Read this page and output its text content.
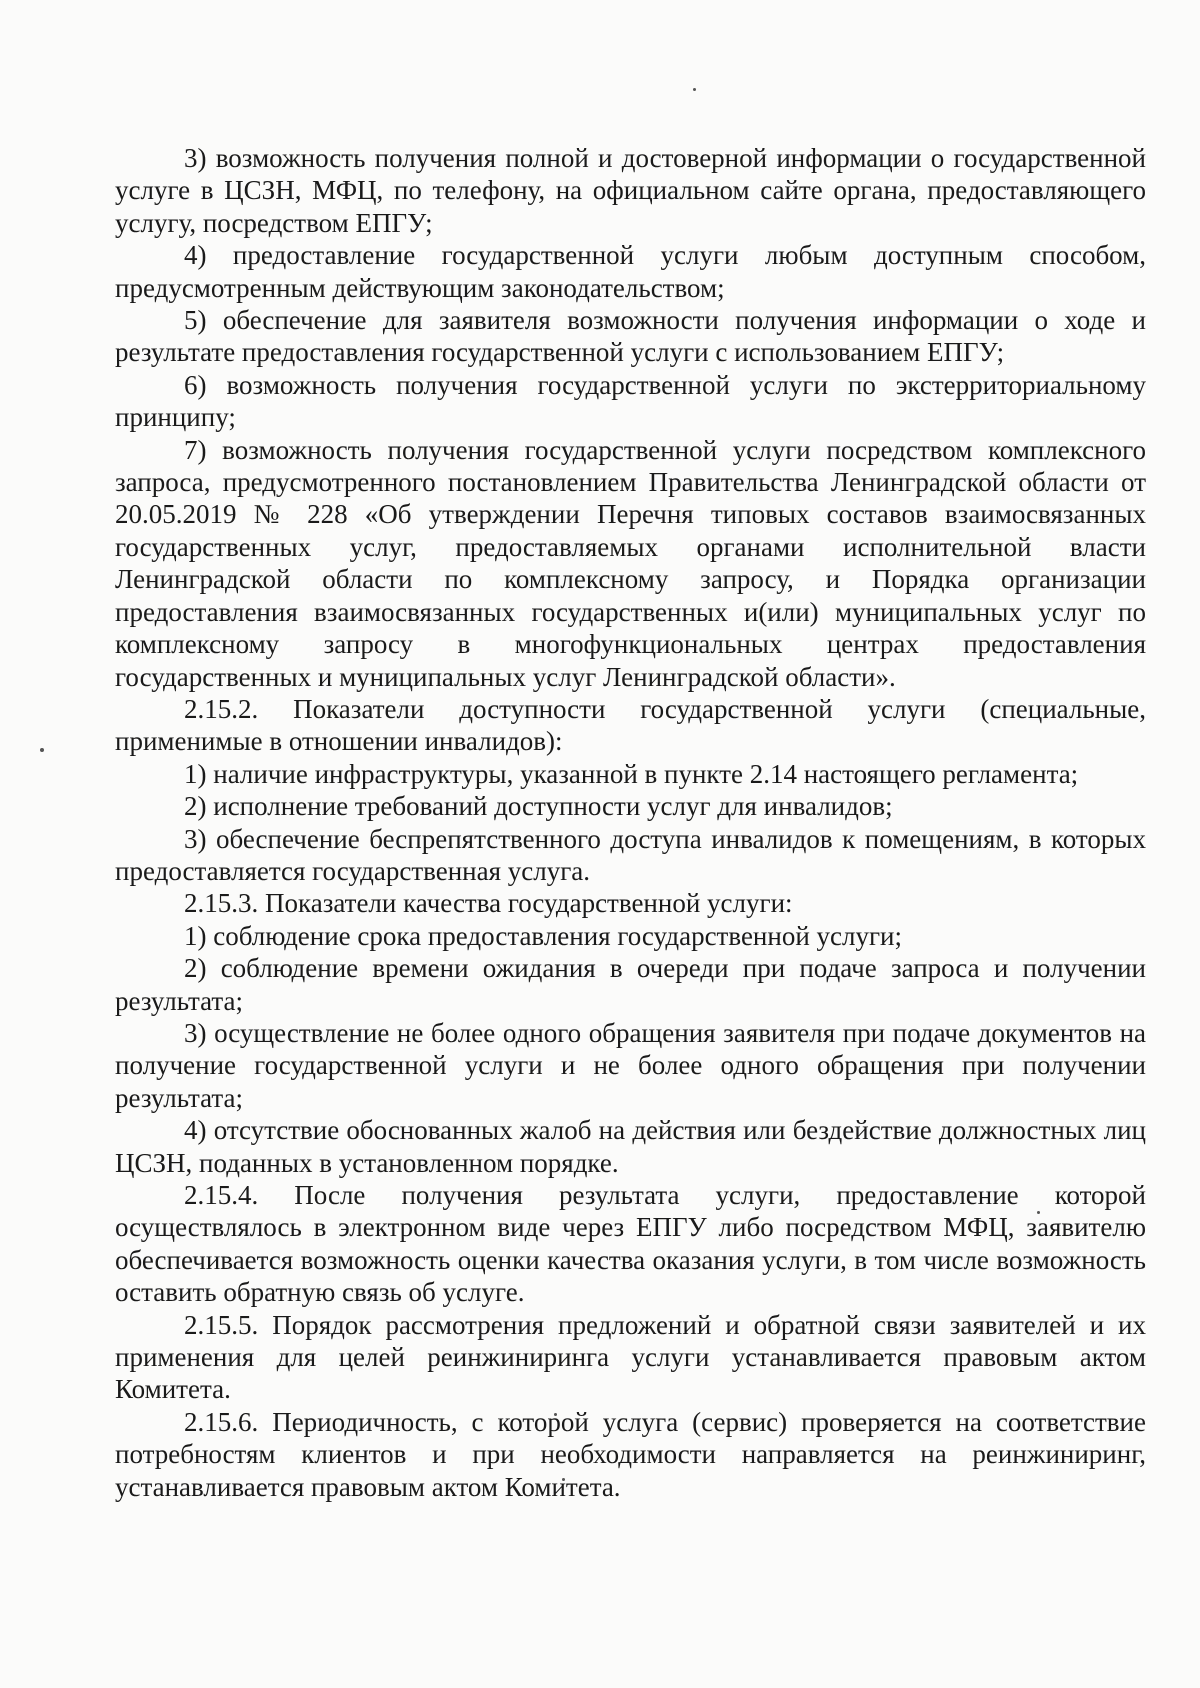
3) возможность получения полной и достоверной информации о государственной услуге в ЦСЗН, МФЦ, по телефону, на официальном сайте органа, предоставляющего услугу, посредством ЕПГУ;

4) предоставление государственной услуги любым доступным способом, предусмотренным действующим законодательством;

5) обеспечение для заявителя возможности получения информации о ходе и результате предоставления государственной услуги с использованием ЕПГУ;

6) возможность получения государственной услуги по экстерриториальному принципу;

7) возможность получения государственной услуги посредством комплексного запроса, предусмотренного постановлением Правительства Ленинградской области от 20.05.2019 № 228 «Об утверждении Перечня типовых составов взаимосвязанных государственных услуг, предоставляемых органами исполнительной власти Ленинградской области по комплексному запросу, и Порядка организации предоставления взаимосвязанных государственных и(или) муниципальных услуг по комплексному запросу в многофункциональных центрах предоставления государственных и муниципальных услуг Ленинградской области».

2.15.2. Показатели доступности государственной услуги (специальные, применимые в отношении инвалидов):

1) наличие инфраструктуры, указанной в пункте 2.14 настоящего регламента;

2) исполнение требований доступности услуг для инвалидов;

3) обеспечение беспрепятственного доступа инвалидов к помещениям, в которых предоставляется государственная услуга.

2.15.3. Показатели качества государственной услуги:

1) соблюдение срока предоставления государственной услуги;

2) соблюдение времени ожидания в очереди при подаче запроса и получении результата;

3) осуществление не более одного обращения заявителя при подаче документов на получение государственной услуги и не более одного обращения при получении результата;

4) отсутствие обоснованных жалоб на действия или бездействие должностных лиц ЦСЗН, поданных в установленном порядке.

2.15.4. После получения результата услуги, предоставление которой осуществлялось в электронном виде через ЕПГУ либо посредством МФЦ, заявителю обеспечивается возможность оценки качества оказания услуги, в том числе возможность оставить обратную связь об услуге.

2.15.5. Порядок рассмотрения предложений и обратной связи заявителей и их применения для целей реинжиниринга услуги устанавливается правовым актом Комитета.

2.15.6. Периодичность, с которой услуга (сервис) проверяется на соответствие потребностям клиентов и при необходимости направляется на реинжиниринг, устанавливается правовым актом Комитета.
